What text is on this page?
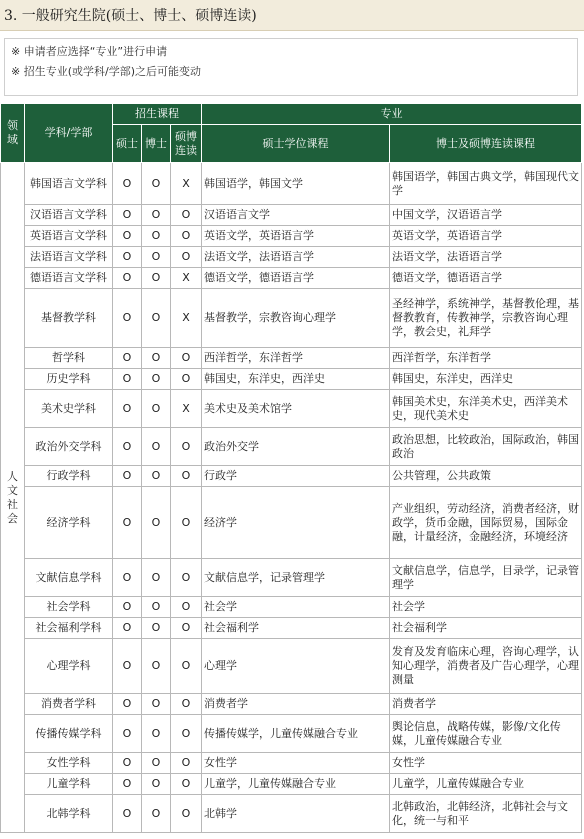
3. 一般研究生院(硕士、博士、硕博连读)
※ 申请者应选择“专业”进行申请
※ 招生专业(或学科/学部)之后可能变动
领域	学科/学部	招生课程			专业	
		硕士	博士	硕博连读	硕士学位课程	博士及硕博连读课程
人文社会	韩国语言文学科	O	O	X	韩国语学，韩国文学	韩国语学，韩国古典文学，韩国现代文学
	汉语语言文学科	O	O	O	汉语语言文学	中国文学，汉语语言学
	英语语言文学科	O	O	O	英语文学，英语语言学	英语文学，英语语言学
	法语语言文学科	O	O	O	法语文学，法语语言学	法语文学，法语语言学
	德语语言文学科	O	O	X	德语文学，德语语言学	德语文学，德语语言学
	基督教学科	O	O	X	基督教学，宗教咨询心理学	圣经神学，系统神学，基督教伦理，基督教教育，传教神学，宗教咨询心理学，教会史，礼拜学
	哲学科	O	O	O	西洋哲学，东洋哲学	西洋哲学，东洋哲学
	历史学科	O	O	O	韩国史，东洋史，西洋史	韩国史，东洋史，西洋史
	美术史学科	O	O	X	美术史及美术馆学	韩国美术史，东洋美术史，西洋美术史，现代美术史
	政治外交学科	O	O	O	政治外交学	政治思想，比较政治，国际政治，韩国政治
	行政学科	O	O	O	行政学	公共管理，公共政策
	经济学科	O	O	O	经济学	产业组织，劳动经济，消费者经济，财政学，货币金融，国际贸易，国际金融，计量经济，金融经济，环境经济
	文献信息学科	O	O	O	文献信息学，记录管理学	文献信息学，信息学，目录学，记录管理学
	社会学科	O	O	O	社会学	社会学
	社会福利学科	O	O	O	社会福利学	社会福利学
	心理学科	O	O	O	心理学	发育及发育临床心理，咨询心理学，认知心理学，消费者及广告心理学，心理测量
	消费者学科	O	O	O	消费者学	消费者学
	传播传媒学科	O	O	O	传播传媒学，儿童传媒融合专业	舆论信息，战略传媒，影像/文化传媒，儿童传媒融合专业
	女性学科	O	O	O	女性学	女性学
	儿童学科	O	O	O	儿童学，儿童传媒融合专业	儿童学，儿童传媒融合专业
	北韩学科	O	O	O	北韩学	北韩政治，北韩经济，北韩社会与文化，统一与和平
